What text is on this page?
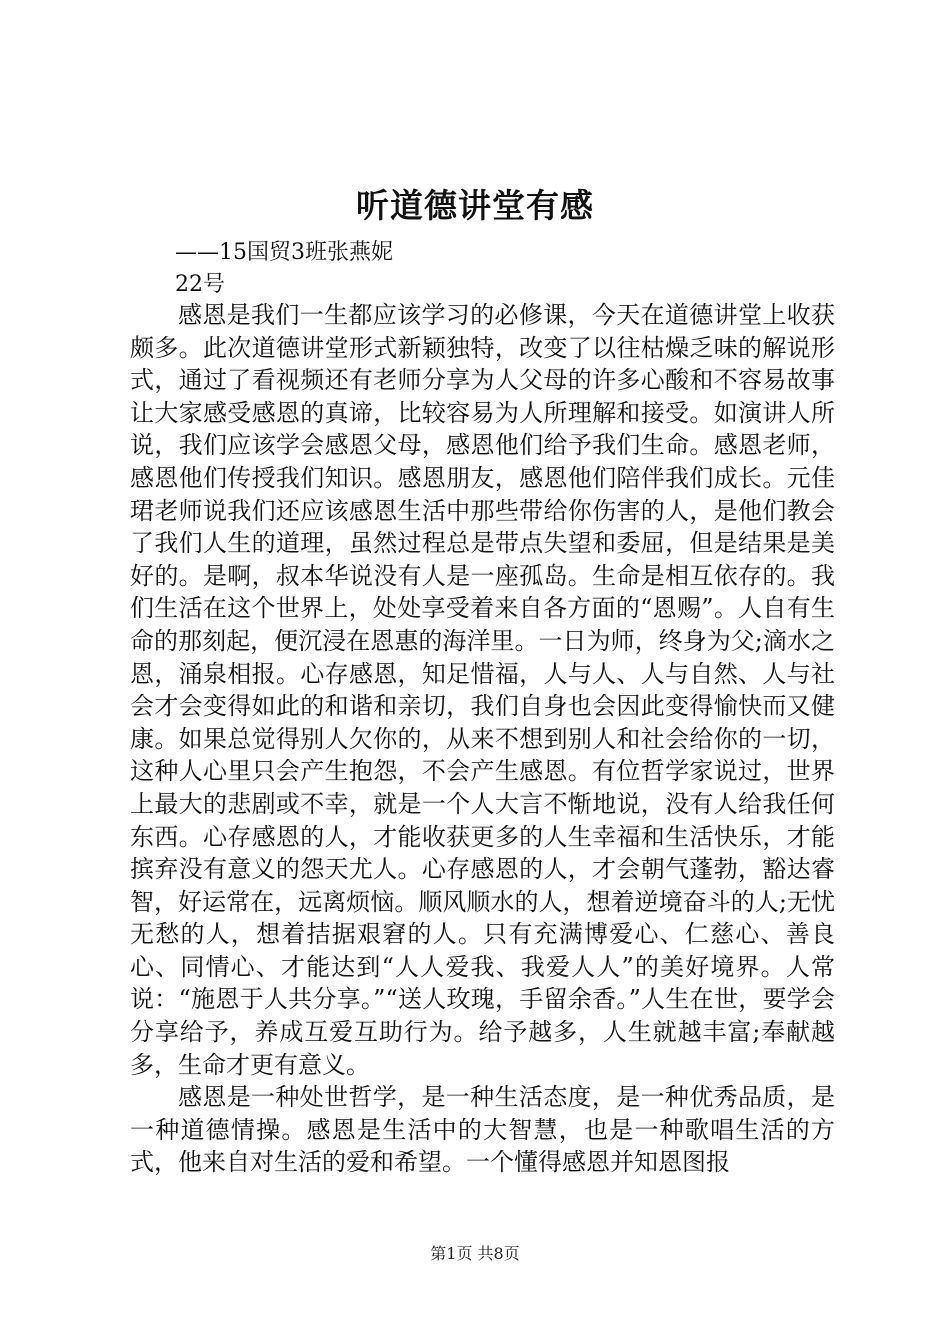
听道德讲堂有感
——15国贸3班张燕妮
22号

感恩是我们一生都应该学习的必修课，今天在道德讲堂上收获颇多。此次道德讲堂形式新颖独特，改变了以往枯燥乏味的解说形式，通过了看视频还有老师分享为人父母的许多心酸和不容易故事让大家感受感恩的真谛，比较容易为人所理解和接受。如演讲人所说，我们应该学会感恩父母，感恩他们给予我们生命。感恩老师，感恩他们传授我们知识。感恩朋友，感恩他们陪伴我们成长。元佳珺老师说我们还应该感恩生活中那些带给你伤害的人，是他们教会了我们人生的道理，虽然过程总是带点失望和委屈，但是结果是美好的。是啊，叔本华说没有人是一座孤岛。生命是相互依存的。我们生活在这个世界上，处处享受着来自各方面的“恩赐”。人自有生命的那刻起，便沉浸在恩惠的海洋里。一日为师，终身为父;滴水之恩，涌泉相报。心存感恩，知足惜福，人与人、人与自然、人与社会才会变得如此的和谐和亲切，我们自身也会因此变得愉快而又健康。如果总觉得别人欠你的，从来不想到别人和社会给你的一切，这种人心里只会产生抱怨，不会产生感恩。有位哲学家说过，世界上最大的悲剧或不幸，就是一个人大言不惭地说，没有人给我任何东西。心存感恩的人，才能收获更多的人生幸福和生活快乐，才能摈弃没有意义的怨天尤人。心存感恩的人，才会朝气蓬勃，豁达睿智，好运常在，远离烦恼。顺风顺水的人，想着逆境奋斗的人;无忧无愁的人，想着拮据艰窘的人。只有充满博爱心、仁慈心、善良心、同情心、才能达到“人人爱我、我爱人人”的美好境界。人常说：“施恩于人共分享。”“送人玫瑰，手留余香。”人生在世，要学会分享给予，养成互爱互助行为。给予越多，人生就越丰富;奉献越多，生命才更有意义。

感恩是一种处世哲学，是一种生活态度，是一种优秀品质，是一种道德情操。感恩是生活中的大智慧，也是一种歌唱生活的方式，他来自对生活的爱和希望。一个懂得感恩并知恩图报

第1页 共8页
